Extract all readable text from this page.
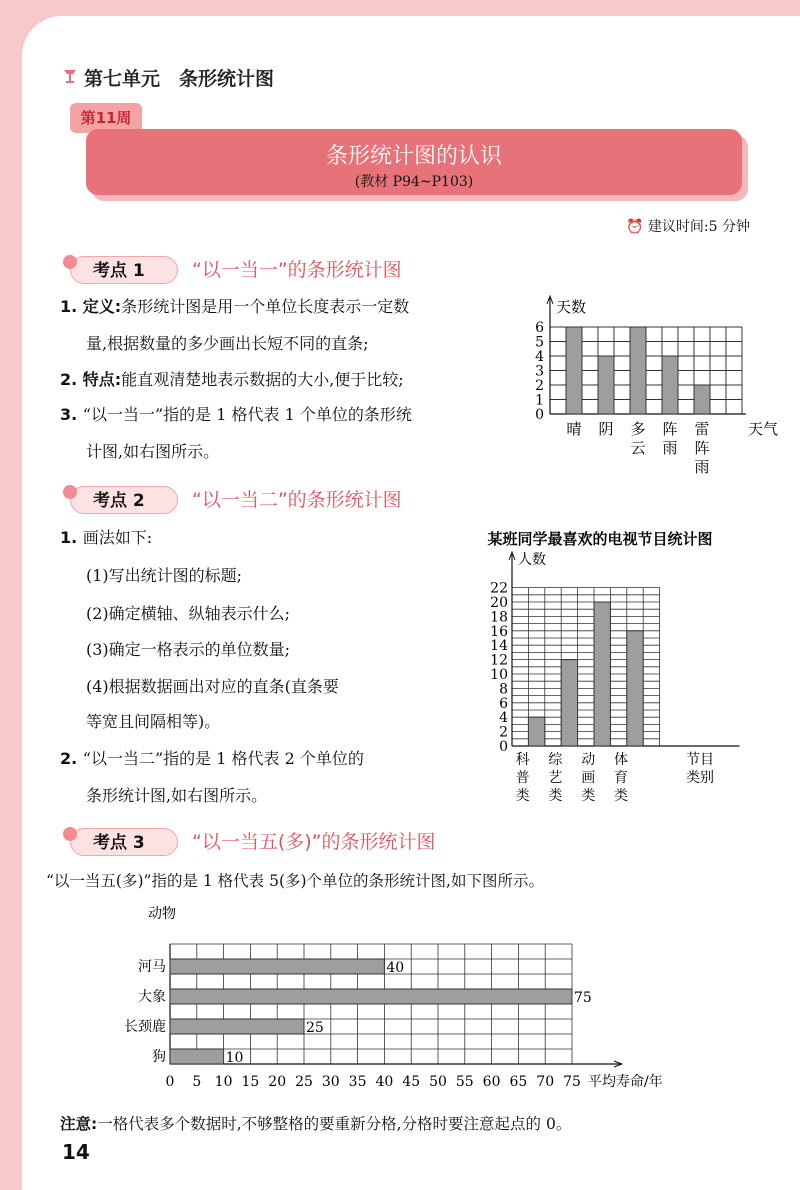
第七单元　条形统计图
第11周
条形统计图的认识
(教材 P94~P103)
⏰ 建议时间:5 分钟
考点 1	“以一当一”的条形统计图
1. 定义:条形统计图是用一个单位长度表示一定数
量,根据数量的多少画出长短不同的直条;
2. 特点:能直观清楚地表示数据的大小,便于比较;
3. “以一当一”指的是 1 格代表 1 个单位的条形统
计图,如右图所示。
0
1
2
3
4
5
6
天数
晴 阴 多
云
阵
雨
雷
阵
雨
天气
考点 2	“以一当二”的条形统计图
1. 画法如下:
(1)写出统计图的标题;
(2)确定横轴、纵轴表示什么;
(3)确定一格表示的单位数量;
(4)根据数据画出对应的直条(直条要
等宽且间隔相等)。
2. “以一当二”指的是 1 格代表 2 个单位的
条形统计图,如右图所示。
某班同学最喜欢的电视节目统计图
0
2
4
6
8
10
12
14
16
18
20
22
人数
科
普
类
综
艺
类
动
画
类
体
育
类
节目
类别
考点 3	“以一当五(多)”的条形统计图
“以一当五(多)”指的是 1 格代表 5(多)个单位的条形统计图,如下图所示。
动物
0 5 10 15 20 25 30 35 40 45 50 55 60 65 70 75 平均寿命/年
河马	40
大象	75
长颈鹿	25
狗	10
注意:一格代表多个数据时,不够整格的要重新分格,分格时要注意起点的 0。
14
